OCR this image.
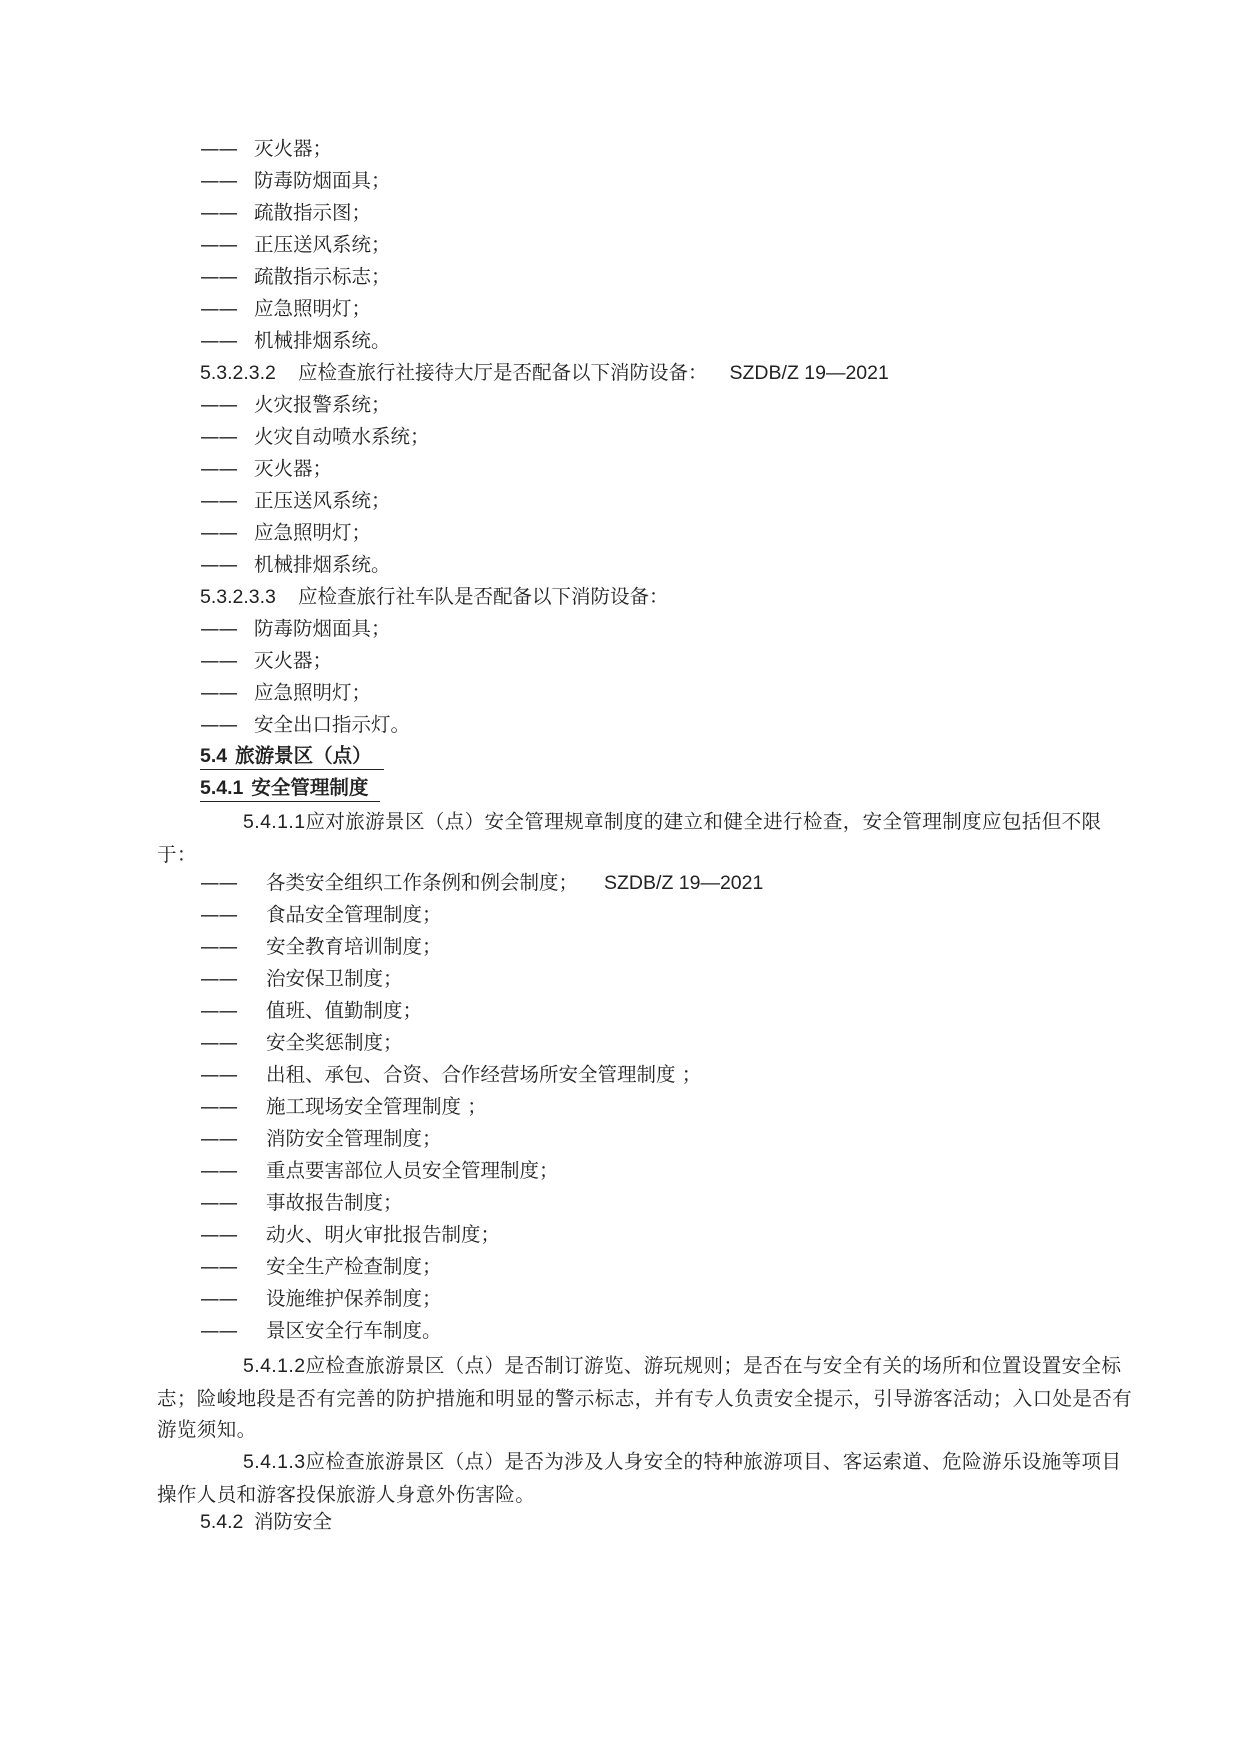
—— 灭火器；
—— 防毒防烟面具；
—— 疏散指示图；
—— 正压送风系统；
—— 疏散指示标志；
—— 应急照明灯；
—— 机械排烟系统。
5.3.2.3.2 应检查旅行社接待大厅是否配备以下消防设备： SZDB/Z 19—2021
—— 火灾报警系统；
—— 火灾自动喷水系统；
—— 灭火器；
—— 正压送风系统；
—— 应急照明灯；
—— 机械排烟系统。
5.3.2.3.3 应检查旅行社车队是否配备以下消防设备：
—— 防毒防烟面具；
—— 灭火器；
—— 应急照明灯；
—— 安全出口指示灯。
5.4 旅游景区（点）
5.4.1 安全管理制度
5.4.1.1应对旅游景区（点）安全管理规章制度的建立和健全进行检查，安全管理制度应包括但不限于：
—— 各类安全组织工作条例和例会制度； SZDB/Z 19—2021
—— 食品安全管理制度；
—— 安全教育培训制度；
—— 治安保卫制度；
—— 值班、值勤制度；
—— 安全奖惩制度；
—— 出租、承包、合资、合作经营场所安全管理制度 ；
—— 施工现场安全管理制度 ；
—— 消防安全管理制度；
—— 重点要害部位人员安全管理制度；
—— 事故报告制度；
—— 动火、明火审批报告制度；
—— 安全生产检查制度；
—— 设施维护保养制度；
—— 景区安全行车制度。
5.4.1.2应检查旅游景区（点）是否制订游览、游玩规则；是否在与安全有关的场所和位置设置安全标志；险峻地段是否有完善的防护措施和明显的警示标志，并有专人负责安全提示，引导游客活动；入口处是否有游览须知。
5.4.1.3应检查旅游景区（点）是否为涉及人身安全的特种旅游项目、客运索道、危险游乐设施等项目操作人员和游客投保旅游人身意外伤害险。
5.4.2 消防安全
